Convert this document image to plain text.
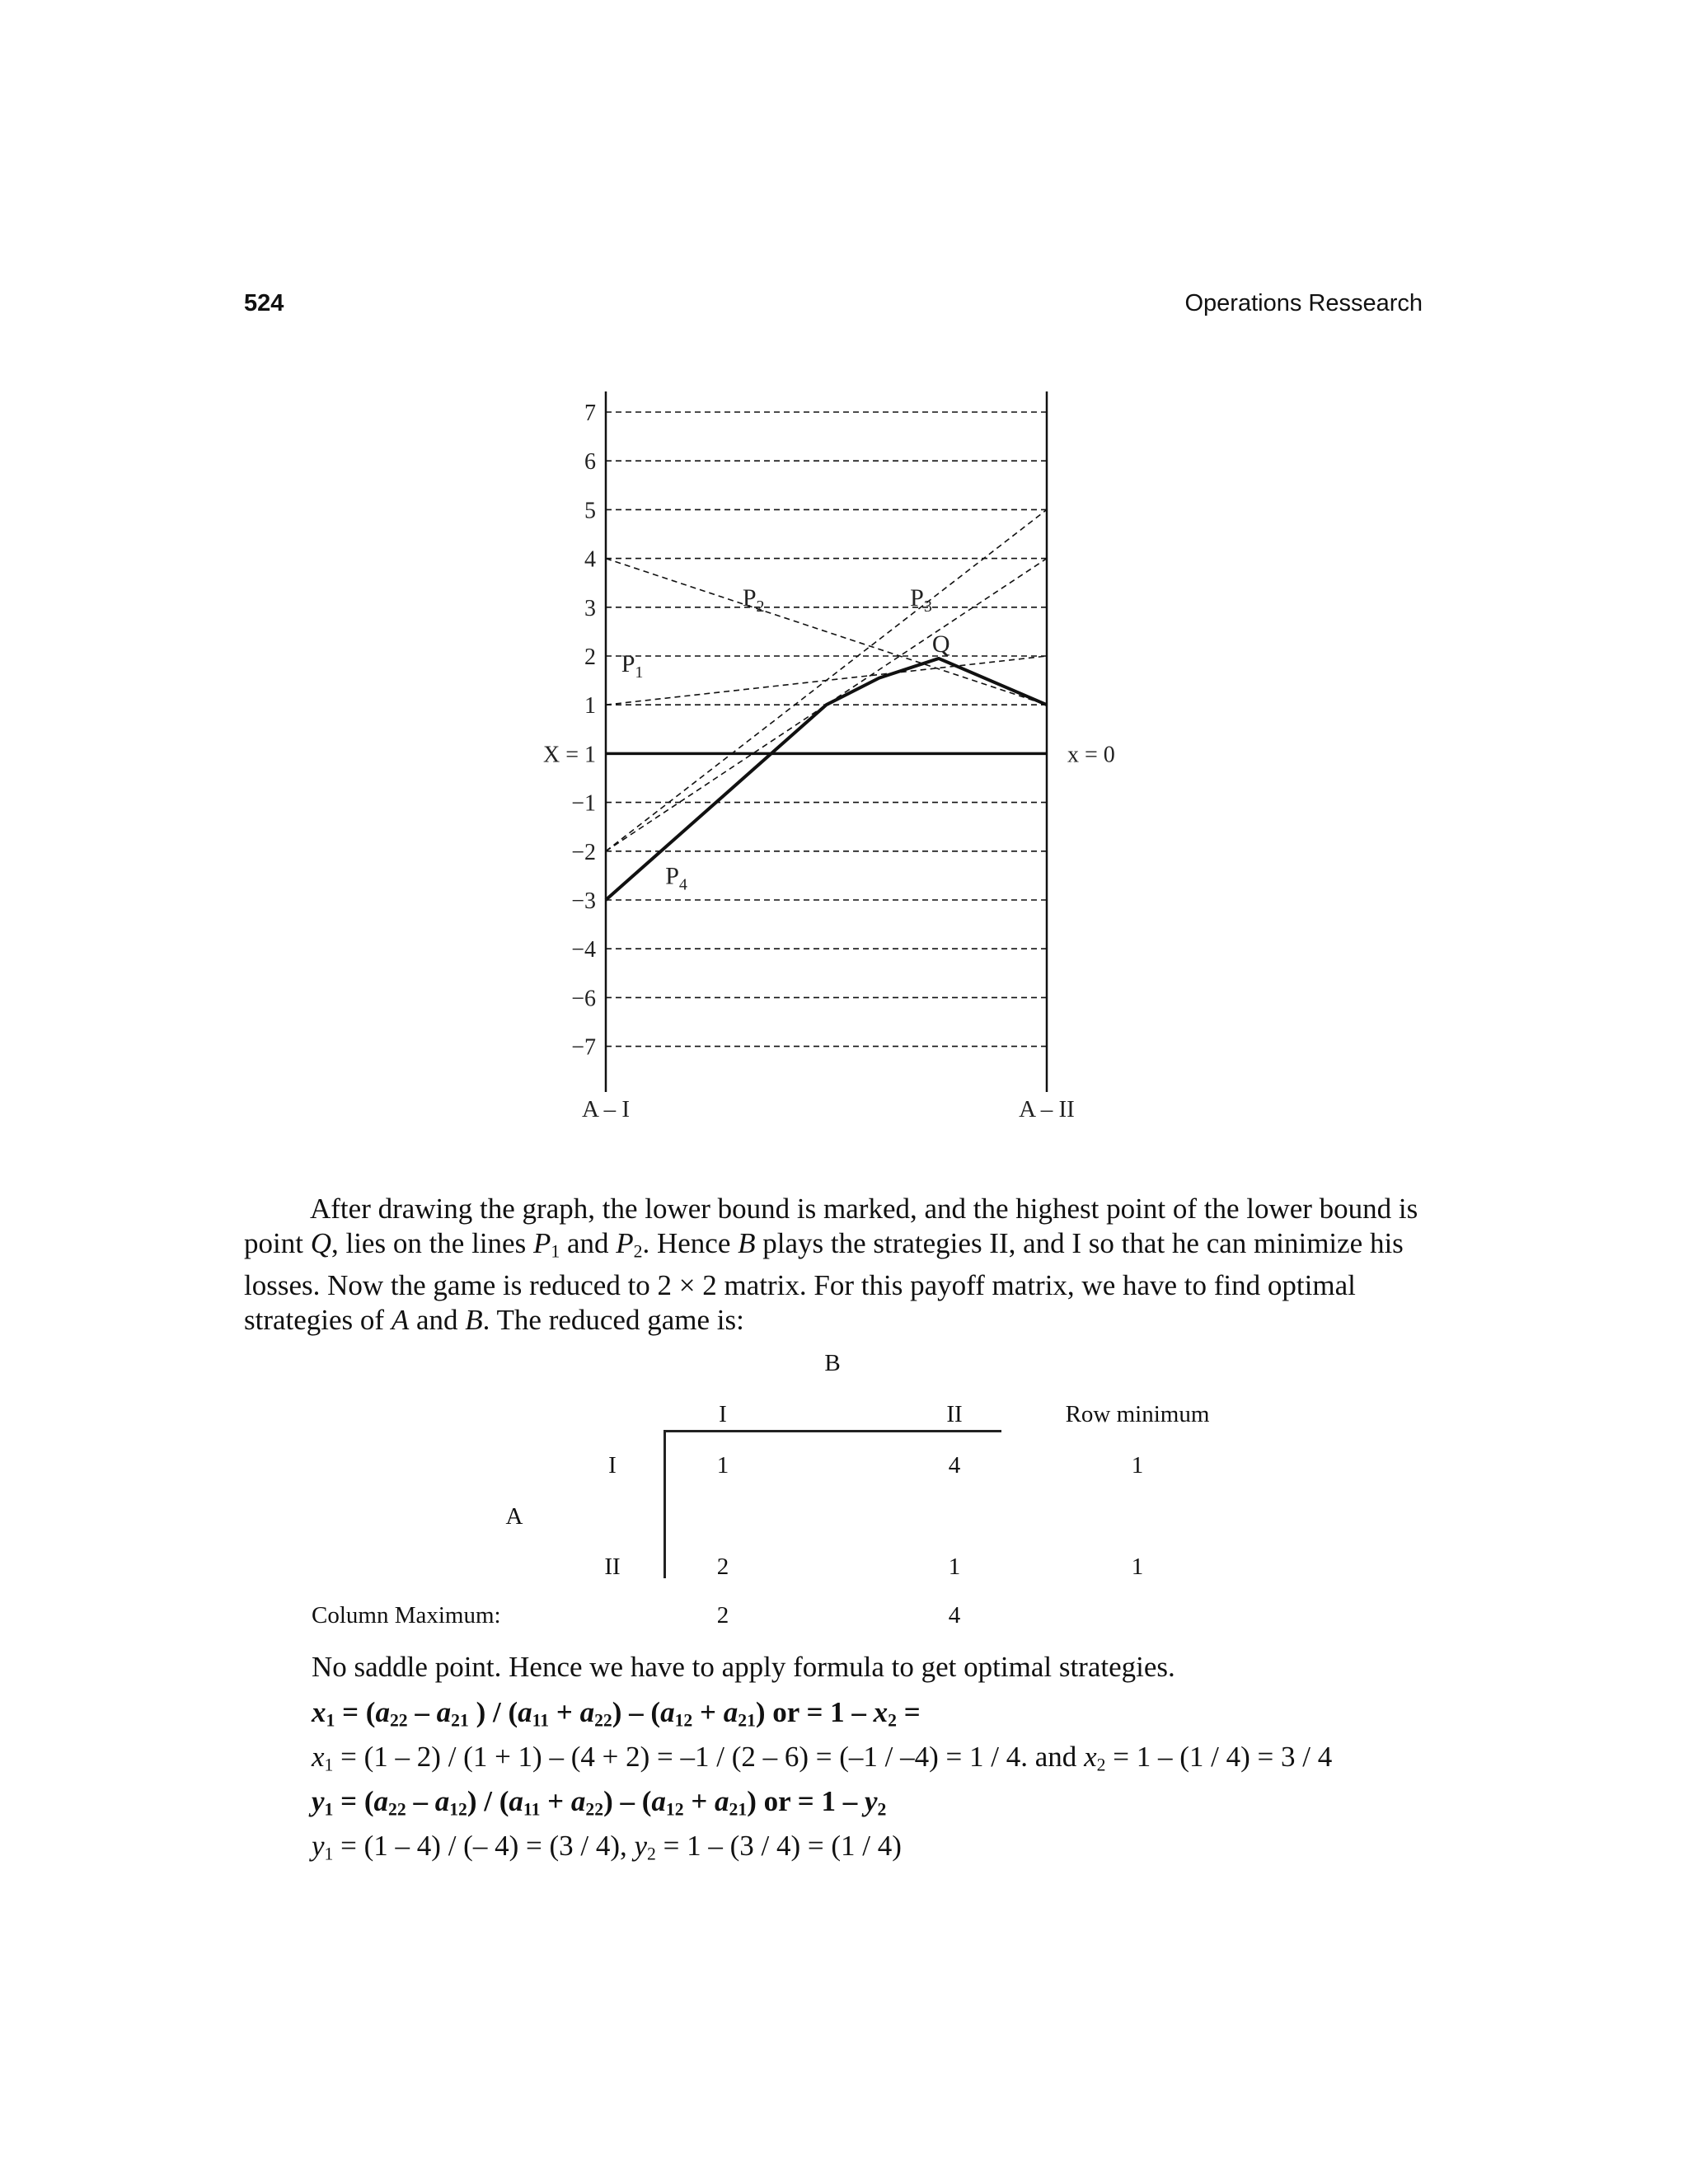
524	Operations Ressearch
7
6
5
4
3
2
1
X = 1
−1
−2
−3
−4
−6
−7
$P_1$
$P_2$	$P_3$
$P_4$
Q
x = 0
A – I	A – II
After drawing the graph, the lower bound is marked, and the highest point of the lower bound is
point Q, lies on the lines $P_1$ and $P_2$. Hence B plays the strategies II, and I so that he can minimize his
losses. Now the game is reduced to 2 × 2 matrix. For this payoff matrix, we have to find optimal
strategies of A and B. The reduced game is:
B
I	II	Row minimum
I	1	4	1
A
II	2	1	1
Column Maximum:	2	4
No saddle point. Hence we have to apply formula to get optimal strategies.
$x_1 = (a_{22} - a_{21}$ ) / $(a_{11} + a_{22}) - (a_{12} + a_{21})$ or = $1 - x_2$ =
$x_1 = (1 - 2) / (1 + 1) - (4 + 2) = -1 / (2 - 6) = (-1 / -4) = 1 / 4$. and $x_2 = 1 - (1 / 4) = 3 / 4$
$y_1 = (a_{22} - a_{12}) / (a_{11} + a_{22}) - (a_{12} + a_{21})$ or = $1 - y_2$
$y_1 = (1 - 4)$ / (– 4) = (3 / 4), $y_2 = 1 - (3 / 4) = (1 / 4)$
